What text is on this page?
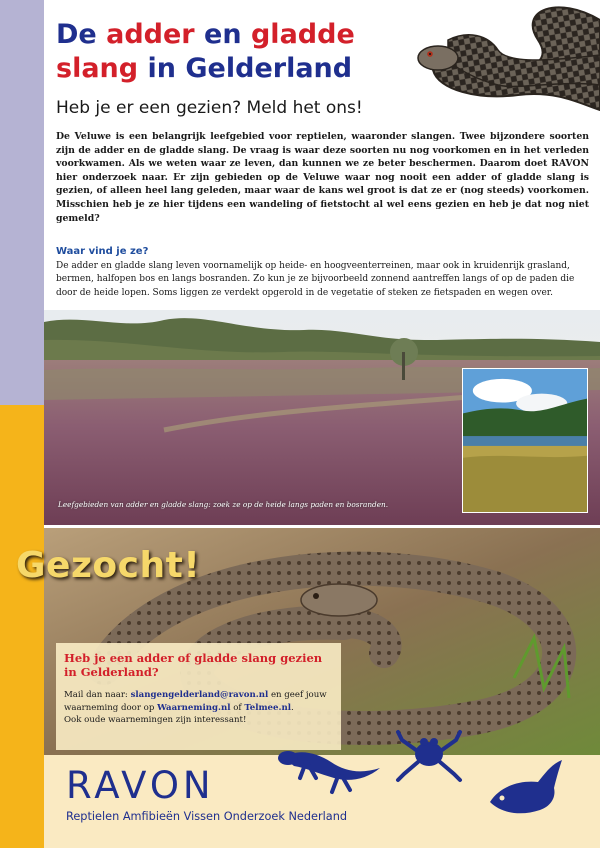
De adder en gladde slang in Gelderland
Heb je er een gezien? Meld het ons!

De Veluwe is een belangrijk leefgebied voor reptielen, waaronder slangen. Twee bijzondere soorten zijn de adder en de gladde slang. De vraag is waar deze soorten nu nog voorkomen en in het verleden voorkwamen. Als we weten waar ze leven, dan kunnen we ze beter beschermen. Daarom doet RAVON hier onderzoek naar. Er zijn gebieden op de Veluwe waar nog nooit een adder of gladde slang is gezien, of alleen heel lang geleden, maar waar de kans wel groot is dat ze er (nog steeds) voorkomen. Misschien heb je ze hier tijdens een wandeling of fietstocht al wel eens gezien en heb je dat nog niet gemeld?

Waar vind je ze?

De adder en gladde slang leven voornamelijk op heide- en hoogveenterreinen, maar ook in kruidenrijk grasland, bermen, halfopen bos en langs bosranden. Zo kun je ze bijvoorbeeld zonnend aantreffen langs of op de paden die door de heide lopen. Soms liggen ze verdekt opgerold in de vegetatie of steken ze fietspaden en wegen over.

Leefgebieden van adder en gladde slang: zoek ze op de heide langs paden en bosranden.
Gezocht!
Heb je een adder of gladde slang gezien in Gelderland?
Mail dan naar: slangengelderland@ravon.nl en geef jouw waarneming door op Waarneming.nl of Telmee.nl.
Ook oude waarnemingen zijn interessant!
RAVON
Reptielen Amfibieën Vissen Onderzoek Nederland
